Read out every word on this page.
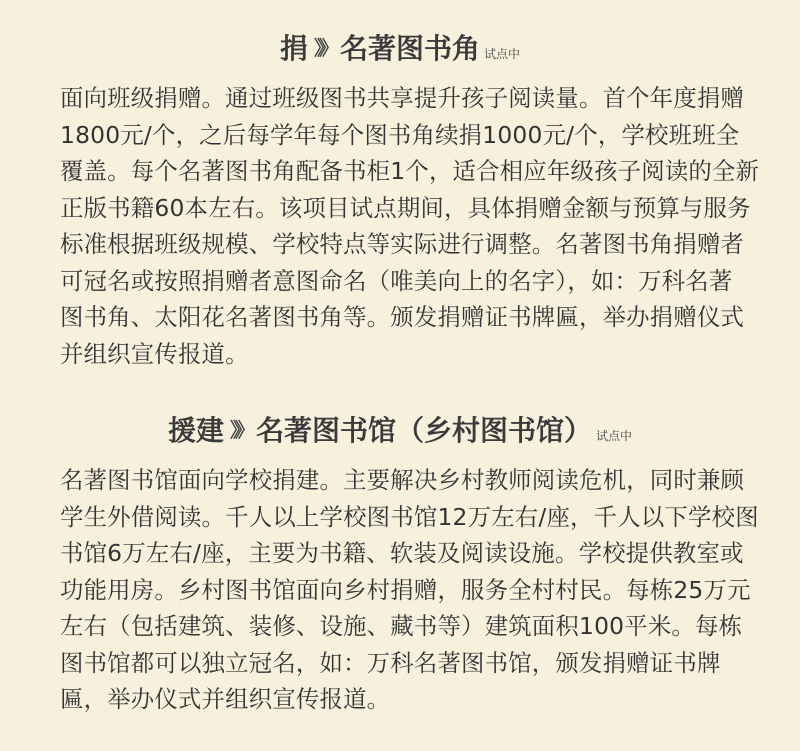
捐 》》 名著图书角 试点中
面向班级捐赠。通过班级图书共享提升孩子阅读量。首个年度捐赠
1800元/个，之后每学年每个图书角续捐1000元/个，学校班班全
覆盖。每个名著图书角配备书柜1个，适合相应年级孩子阅读的全新
正版书籍60本左右。该项目试点期间，具体捐赠金额与预算与服务
标准根据班级规模、学校特点等实际进行调整。名著图书角捐赠者
可冠名或按照捐赠者意图命名（唯美向上的名字），如：万科名著
图书角、太阳花名著图书角等。颁发捐赠证书牌匾，举办捐赠仪式
并组织宣传报道。
援建 》》 名著图书馆（乡村图书馆） 试点中
名著图书馆面向学校捐建。主要解决乡村教师阅读危机，同时兼顾
学生外借阅读。千人以上学校图书馆12万左右/座，千人以下学校图
书馆6万左右/座，主要为书籍、软装及阅读设施。学校提供教室或
功能用房。乡村图书馆面向乡村捐赠，服务全村村民。每栋25万元
左右（包括建筑、装修、设施、藏书等）建筑面积100平米。每栋
图书馆都可以独立冠名，如：万科名著图书馆，颁发捐赠证书牌
匾，举办仪式并组织宣传报道。
